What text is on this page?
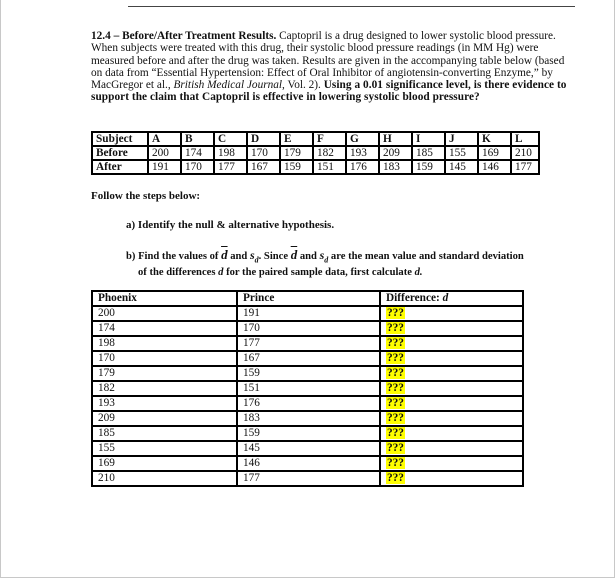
12.4 – Before/After Treatment Results. Captopril is a drug designed to lower systolic blood pressure. When subjects were treated with this drug, their systolic blood pressure readings (in MM Hg) were measured before and after the drug was taken. Results are given in the accompanying table below (based on data from “Essential Hypertension: Effect of Oral Inhibitor of angiotensin-converting Enzyme,” by MacGregor et al., British Medical Journal, Vol. 2). Using a 0.01 significance level, is there evidence to support the claim that Captopril is effective in lowering systolic blood pressure?
Subject	A	B	C	D	E	F	G	H	I	J	K	L
Before	200	174	198	170	179	182	193	209	185	155	169	210
After	191	170	177	167	159	151	176	183	159	145	146	177
Follow the steps below:
a) Identify the null & alternative hypothesis.
b) Find the values of $\overline{d}$ and $s_d$. Since $\overline{d}$ and $s_d$ are the mean value and standard deviation
of the differences d for the paired sample data, first calculate d.
Phoenix	Prince	Difference: d
200	191	???
174	170	???
198	177	???
170	167	???
179	159	???
182	151	???
193	176	???
209	183	???
185	159	???
155	145	???
169	146	???
210	177	???
